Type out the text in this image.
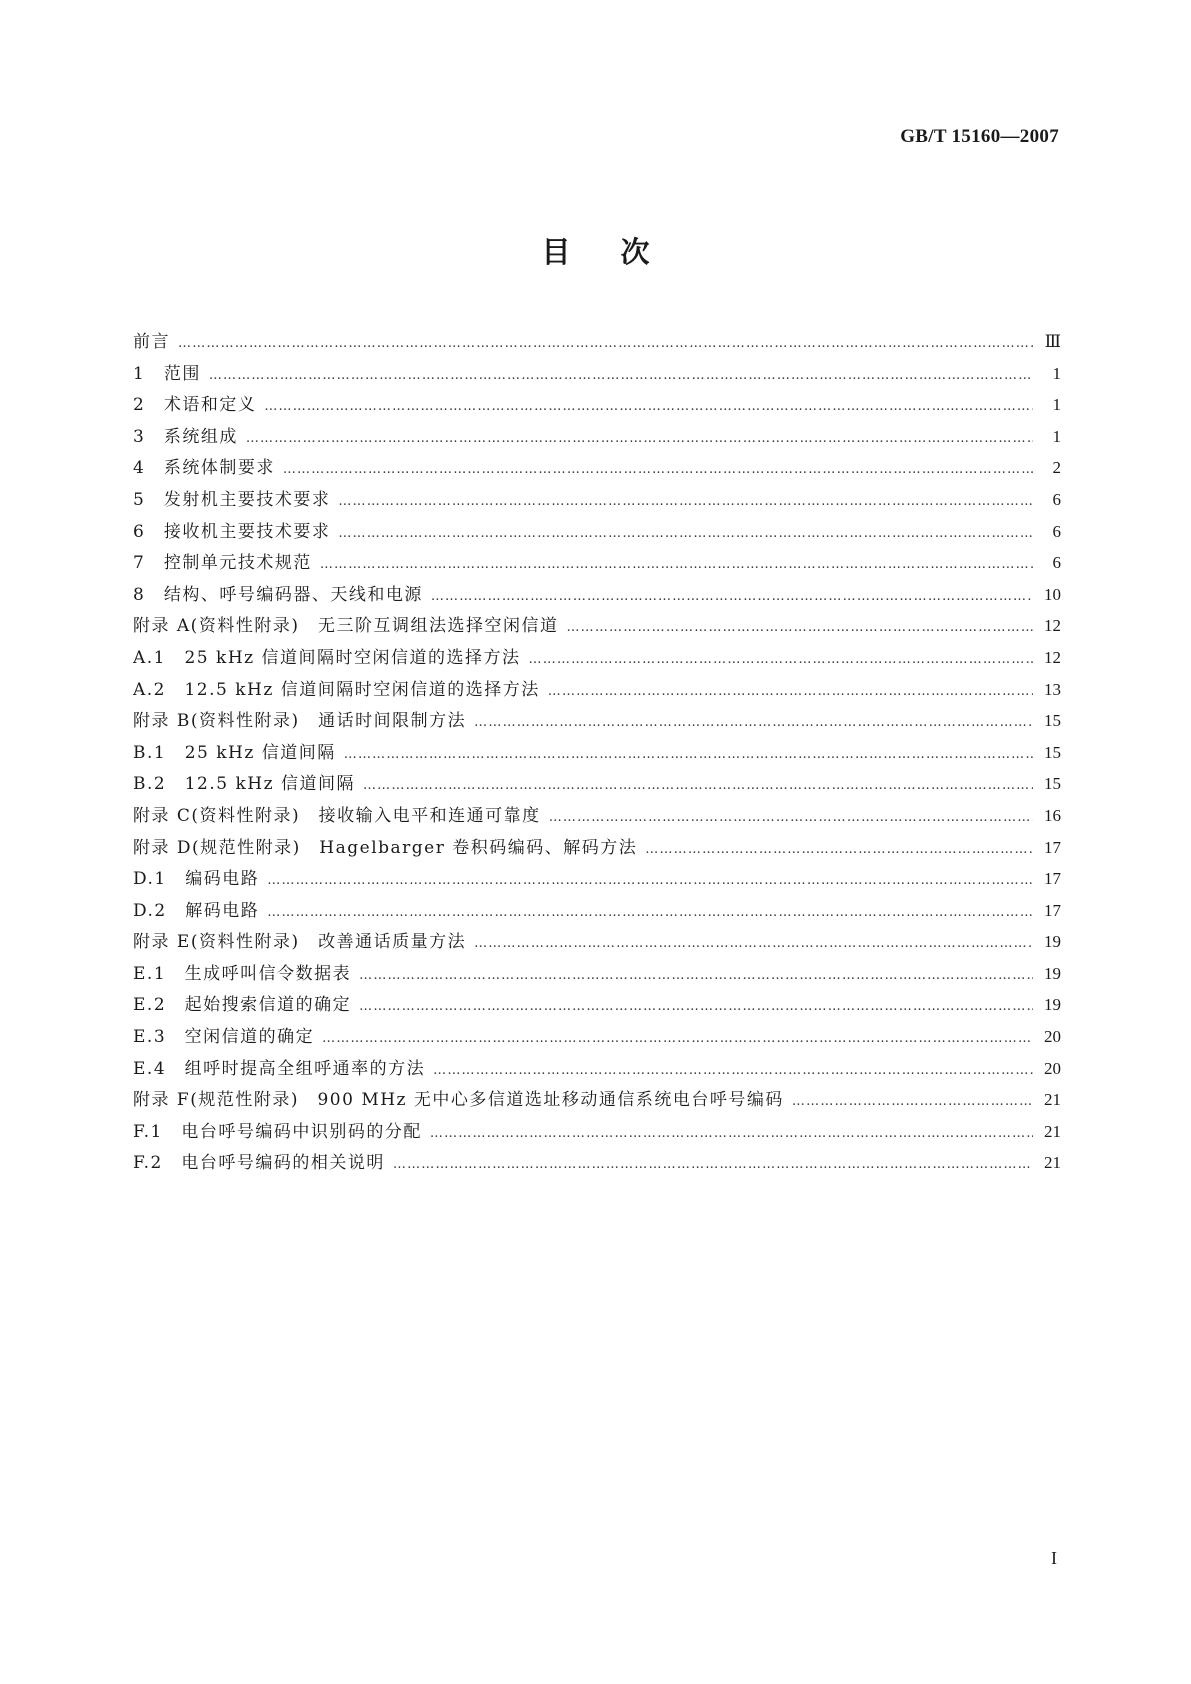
GB/T 15160—2007
目次
前言 ……………………………………………………………………………………………………………………………………………………………………………………………………………………………………………………………………………………………………	Ⅲ
1　范围 ……………………………………………………………………………………………………………………………………………………………………………………………………………………………………………………………………………………………………	1
2　术语和定义 ……………………………………………………………………………………………………………………………………………………………………………………………………………………………………………………………………………………………………	1
3　系统组成 ……………………………………………………………………………………………………………………………………………………………………………………………………………………………………………………………………………………………………	1
4　系统体制要求 ……………………………………………………………………………………………………………………………………………………………………………………………………………………………………………………………………………………………………	2
5　发射机主要技术要求 ……………………………………………………………………………………………………………………………………………………………………………………………………………………………………………………………………………………………………	6
6　接收机主要技术要求 ……………………………………………………………………………………………………………………………………………………………………………………………………………………………………………………………………………………………………	6
7　控制单元技术规范 ……………………………………………………………………………………………………………………………………………………………………………………………………………………………………………………………………………………………………	6
8　结构、呼号编码器、天线和电源 ……………………………………………………………………………………………………………………………………………………………………………………………………………………………………………………………………………………………………	10
附录 A(资料性附录)　无三阶互调组法选择空闲信道 ……………………………………………………………………………………………………………………………………………………………………………………………………………………………………………………………………………………………………	12
A.1　25 kHz 信道间隔时空闲信道的选择方法 ……………………………………………………………………………………………………………………………………………………………………………………………………………………………………………………………………………………………………	12
A.2　12.5 kHz 信道间隔时空闲信道的选择方法 ……………………………………………………………………………………………………………………………………………………………………………………………………………………………………………………………………………………………………	13
附录 B(资料性附录)　通话时间限制方法 ……………………………………………………………………………………………………………………………………………………………………………………………………………………………………………………………………………………………………	15
B.1　25 kHz 信道间隔 ……………………………………………………………………………………………………………………………………………………………………………………………………………………………………………………………………………………………………	15
B.2　12.5 kHz 信道间隔 ……………………………………………………………………………………………………………………………………………………………………………………………………………………………………………………………………………………………………	15
附录 C(资料性附录)　接收输入电平和连通可靠度 ……………………………………………………………………………………………………………………………………………………………………………………………………………………………………………………………………………………………………	16
附录 D(规范性附录)　Hagelbarger 卷积码编码、解码方法 ……………………………………………………………………………………………………………………………………………………………………………………………………………………………………………………………………………………………………	17
D.1　编码电路 ……………………………………………………………………………………………………………………………………………………………………………………………………………………………………………………………………………………………………	17
D.2　解码电路 ……………………………………………………………………………………………………………………………………………………………………………………………………………………………………………………………………………………………………	17
附录 E(资料性附录)　改善通话质量方法 ……………………………………………………………………………………………………………………………………………………………………………………………………………………………………………………………………………………………………	19
E.1　生成呼叫信令数据表 ……………………………………………………………………………………………………………………………………………………………………………………………………………………………………………………………………………………………………	19
E.2　起始搜索信道的确定 ……………………………………………………………………………………………………………………………………………………………………………………………………………………………………………………………………………………………………	19
E.3　空闲信道的确定 ……………………………………………………………………………………………………………………………………………………………………………………………………………………………………………………………………………………………………	20
E.4　组呼时提高全组呼通率的方法 ……………………………………………………………………………………………………………………………………………………………………………………………………………………………………………………………………………………………………	20
附录 F(规范性附录)　900 MHz 无中心多信道选址移动通信系统电台呼号编码 ……………………………………………………………………………………………………………………………………………………………………………………………………………………………………………………………………………………………………	21
F.1　电台呼号编码中识别码的分配 ……………………………………………………………………………………………………………………………………………………………………………………………………………………………………………………………………………………………………	21
F.2　电台呼号编码的相关说明 ……………………………………………………………………………………………………………………………………………………………………………………………………………………………………………………………………………………………………	21
I
